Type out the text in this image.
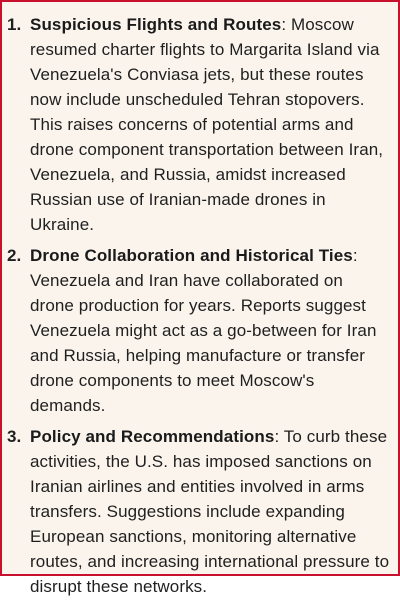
1. Suspicious Flights and Routes: Moscow resumed charter flights to Margarita Island via Venezuela's Conviasa jets, but these routes now include unscheduled Tehran stopovers. This raises concerns of potential arms and drone component transportation between Iran, Venezuela, and Russia, amidst increased Russian use of Iranian-made drones in Ukraine.
2. Drone Collaboration and Historical Ties: Venezuela and Iran have collaborated on drone production for years. Reports suggest Venezuela might act as a go-between for Iran and Russia, helping manufacture or transfer drone components to meet Moscow's demands.
3. Policy and Recommendations: To curb these activities, the U.S. has imposed sanctions on Iranian airlines and entities involved in arms transfers. Suggestions include expanding European sanctions, monitoring alternative routes, and increasing international pressure to disrupt these networks.
